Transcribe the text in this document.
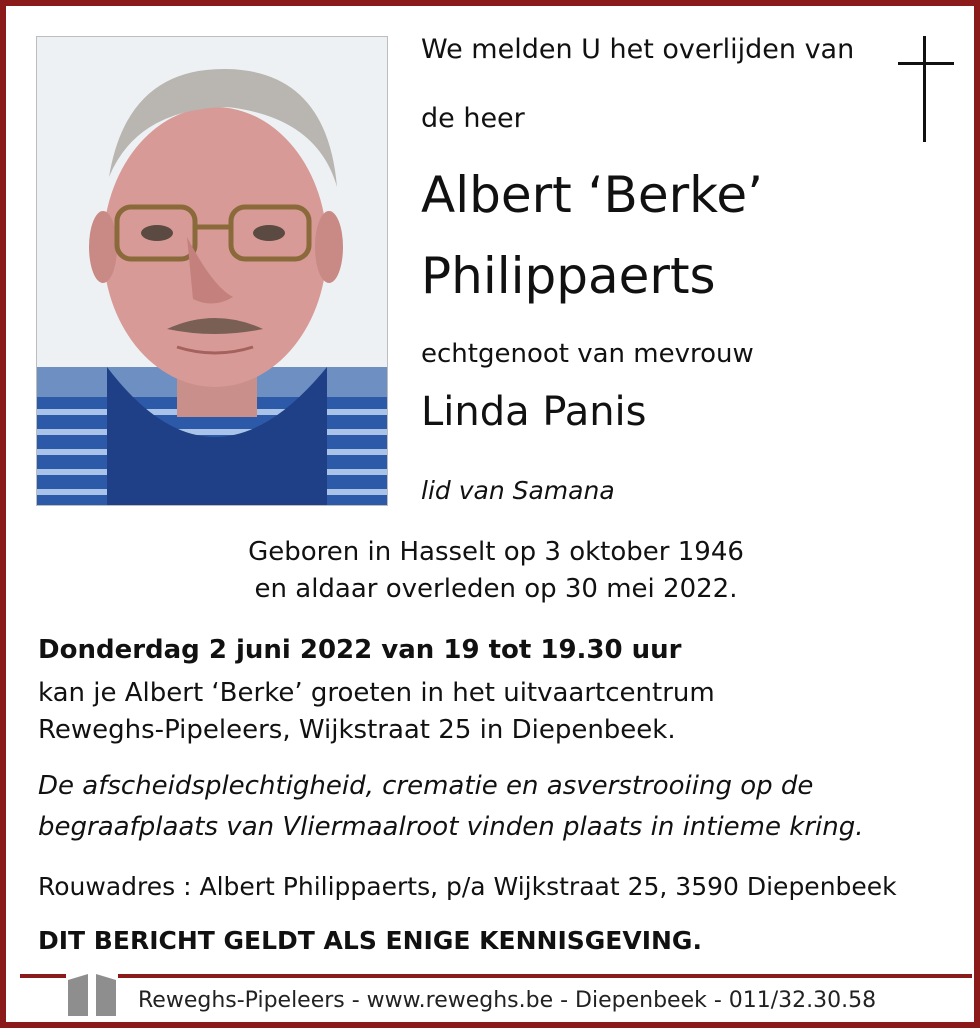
We melden U het overlijden van
de heer
Albert ‘Berke’
Philippaerts
echtgenoot van mevrouw
Linda Panis
lid van Samana
Geboren in Hasselt op 3 oktober 1946
en aldaar overleden op 30 mei 2022.
Donderdag 2 juni 2022 van 19 tot 19.30 uur
kan je Albert ‘Berke’ groeten in het uitvaartcentrum
Reweghs-Pipeleers, Wijkstraat 25 in Diepenbeek.
De afscheidsplechtigheid, crematie en asverstrooiing op de
begraafplaats van Vliermaalroot vinden plaats in intieme kring.
Rouwadres : Albert Philippaerts, p/a Wijkstraat 25, 3590 Diepenbeek
DIT BERICHT GELDT ALS ENIGE KENNISGEVING.
Reweghs-Pipeleers - www.reweghs.be - Diepenbeek - 011/32.30.58
